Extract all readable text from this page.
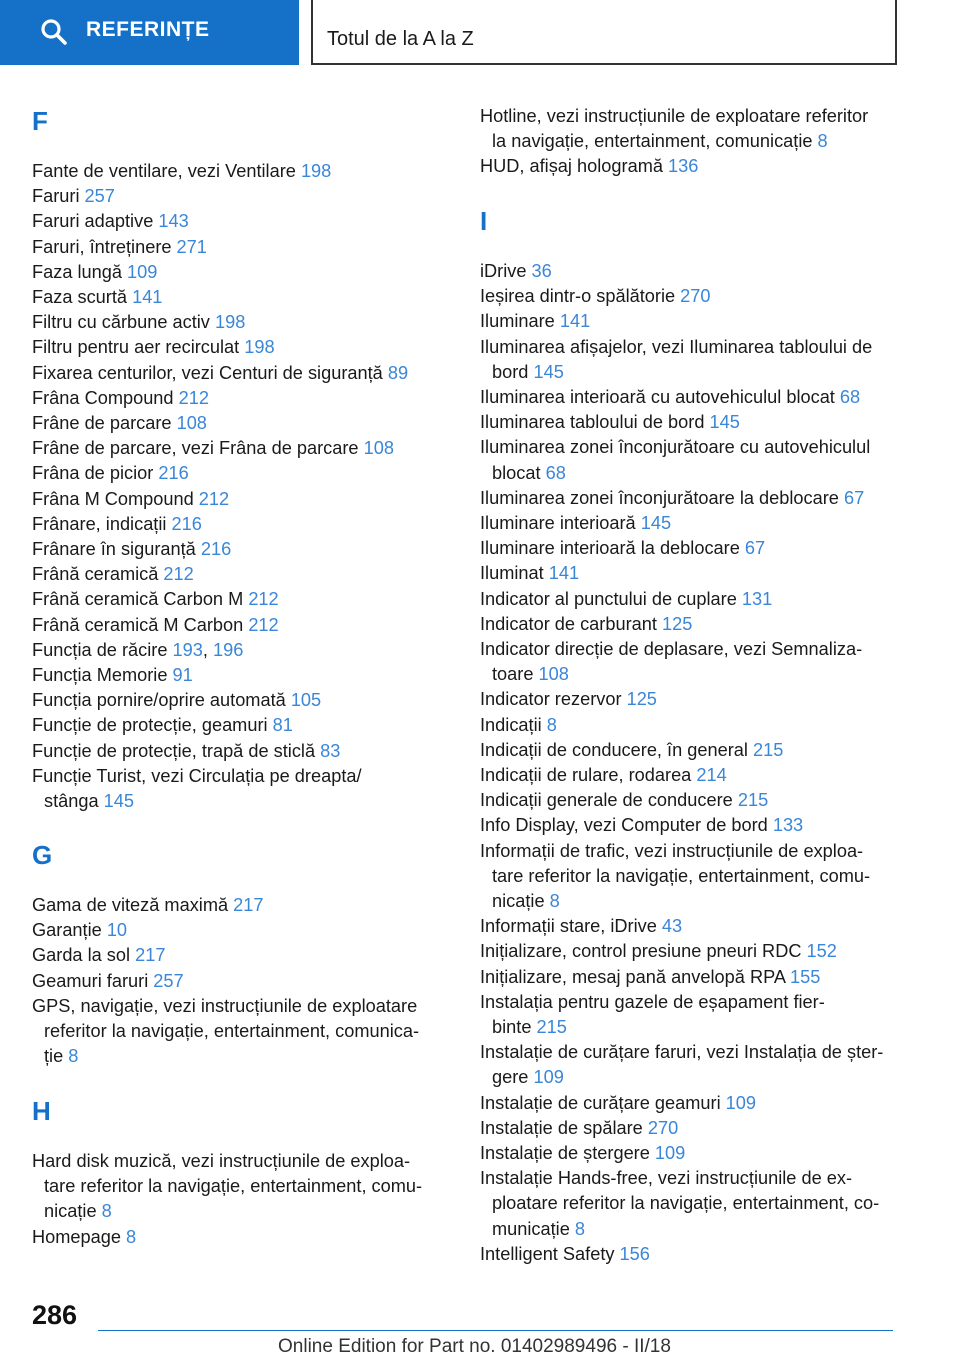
REFERINȚE	Totul de la A la Z
F
Fante de ventilare, vezi Ventilare 198
Faruri 257
Faruri adaptive 143
Faruri, întreținere 271
Faza lungă 109
Faza scurtă 141
Filtru cu cărbune activ 198
Filtru pentru aer recirculat 198
Fixarea centurilor, vezi Centuri de siguranță 89
Frâna Compound 212
Frâne de parcare 108
Frâne de parcare, vezi Frâna de parcare 108
Frâna de picior 216
Frâna M Compound 212
Frânare, indicații 216
Frânare în siguranță 216
Frână ceramică 212
Frână ceramică Carbon M 212
Frână ceramică M Carbon 212
Funcția de răcire 193, 196
Funcția Memorie 91
Funcția pornire/oprire automată 105
Funcție de protecție, geamuri 81
Funcție de protecție, trapă de sticlă 83
Funcție Turist, vezi Circulația pe dreapta/
stânga 145
G
Gama de viteză maximă 217
Garanție 10
Garda la sol 217
Geamuri faruri 257
GPS, navigație, vezi instrucțiunile de exploatare
referitor la navigație, entertainment, comunica-
ție 8
H
Hard disk muzică, vezi instrucțiunile de exploa-
tare referitor la navigație, entertainment, comu-
nicație 8
Homepage 8
Hotline, vezi instrucțiunile de exploatare referitor
la navigație, entertainment, comunicație 8
HUD, afișaj hologramă 136
I
iDrive 36
Ieșirea dintr-o spălătorie 270
Iluminare 141
Iluminarea afișajelor, vezi Iluminarea tabloului de
bord 145
Iluminarea interioară cu autovehiculul blocat 68
Iluminarea tabloului de bord 145
Iluminarea zonei înconjurătoare cu autovehiculul
blocat 68
Iluminarea zonei înconjurătoare la deblocare 67
Iluminare interioară 145
Iluminare interioară la deblocare 67
Iluminat 141
Indicator al punctului de cuplare 131
Indicator de carburant 125
Indicator direcție de deplasare, vezi Semnaliza-
toare 108
Indicator rezervor 125
Indicații 8
Indicații de conducere, în general 215
Indicații de rulare, rodarea 214
Indicații generale de conducere 215
Info Display, vezi Computer de bord 133
Informații de trafic, vezi instrucțiunile de exploa-
tare referitor la navigație, entertainment, comu-
nicație 8
Informații stare, iDrive 43
Inițializare, control presiune pneuri RDC 152
Inițializare, mesaj pană anvelopă RPA 155
Instalația pentru gazele de eșapament fier-
binte 215
Instalație de curățare faruri, vezi Instalația de șter-
gere 109
Instalație de curățare geamuri 109
Instalație de spălare 270
Instalație de ștergere 109
Instalație Hands-free, vezi instrucțiunile de ex-
ploatare referitor la navigație, entertainment, co-
municație 8
Intelligent Safety 156
286
Online Edition for Part no. 01402989496 - II/18
